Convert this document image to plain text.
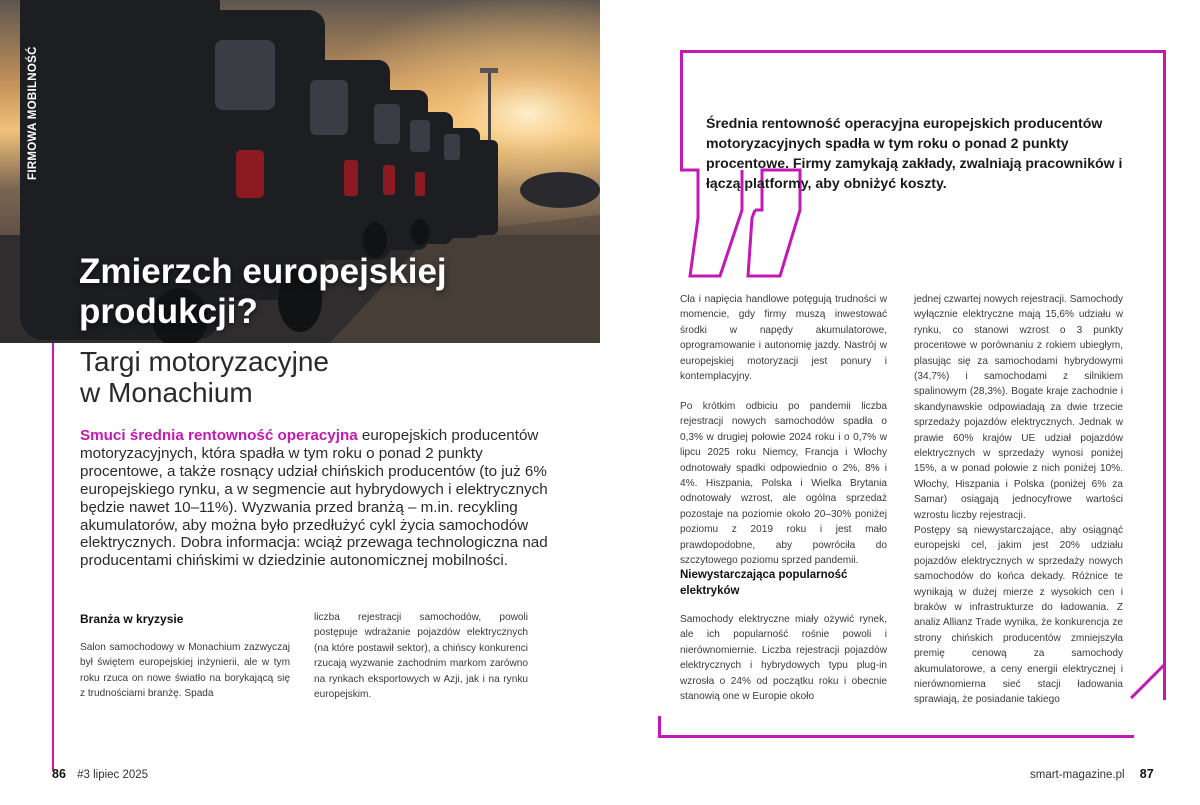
FIRMOWA MOBILNOŚĆ
Zmierzch europejskiej
produkcji?
Targi motoryzacyjne
w Monachium

Smuci średnia rentowność operacyjna europejskich producentów motoryzacyjnych, która spadła w tym roku o ponad 2 punkty procentowe, a także rosnący udział chińskich producentów (to już 6% europejskiego rynku, a w segmencie aut hybrydowych i elektrycznych będzie nawet 10–11%). Wyzwania przed branżą – m.in. recykling akumulatorów, aby można było przedłużyć cykl życia samochodów elektrycznych. Dobra informacja: wciąż przewaga technologiczna nad producentami chińskimi w dziedzinie autonomicznej mobilności.

Branża w kryzysie

Salon samochodowy w Monachium zazwyczaj był świętem europejskiej inżynierii, ale w tym roku rzuca on nowe światło na borykającą się z trudnościami branżę. Spada

liczba rejestracji samochodów, powoli postępuje wdrażanie pojazdów elektrycznych (na które postawił sektor), a chińscy konkurenci rzucają wyzwanie zachodnim markom zarówno na rynkach eksportowych w Azji, jak i na rynku europejskim.

86 #3 lipiec 2025

Średnia rentowność operacyjna europejskich producentów motoryzacyjnych spadła w tym roku o ponad 2 punkty procentowe. Firmy zamykają zakłady, zwalniają pracowników i łączą platformy, aby obniżyć koszty.

Cła i napięcia handlowe potęgują trudności w momencie, gdy firmy muszą inwestować środki w napędy akumulatorowe, oprogramowanie i autonomię jazdy. Nastrój w europejskiej motoryzacji jest ponury i kontemplacyjny.

Po krótkim odbiciu po pandemii liczba rejestracji nowych samochodów spadła o 0,3% w drugiej połowie 2024 roku i o 0,7% w lipcu 2025 roku Niemcy, Francja i Włochy odnotowały spadki odpowiednio o 2%, 8% i 4%. Hiszpania, Polska i Wielka Brytania odnotowały wzrost, ale ogólna sprzedaż pozostaje na poziomie około 20–30% poniżej poziomu z 2019 roku i jest mało prawdopodobne, aby powróciła do szczytowego poziomu sprzed pandemii.

Niewystarczająca popularność elektryków

Samochody elektryczne miały ożywić rynek, ale ich popularność rośnie powoli i nierównomiernie. Liczba rejestracji pojazdów elektrycznych i hybrydowych typu plug-in wzrosła o 24% od początku roku i obecnie stanowią one w Europie około

jednej czwartej nowych rejestracji. Samochody wyłącznie elektryczne mają 15,6% udziału w rynku, co stanowi wzrost o 3 punkty procentowe w porównaniu z rokiem ubiegłym, plasując się za samochodami hybrydowymi (34,7%) i samochodami z silnikiem spalinowym (28,3%). Bogate kraje zachodnie i skandynawskie odpowiadają za dwie trzecie sprzedaży pojazdów elektrycznych. Jednak w prawie 60% krajów UE udział pojazdów elektrycznych w sprzedaży wynosi poniżej 15%, a w ponad połowie z nich poniżej 10%. Włochy, Hiszpania i Polska (poniżej 6% za Samar) osiągają jednocyfrowe wartości wzrostu liczby rejestracji.

Postępy są niewystarczające, aby osiągnąć europejski cel, jakim jest 20% udziału pojazdów elektrycznych w sprzedaży nowych samochodów do końca dekady. Różnice te wynikają w dużej mierze z wysokich cen i braków w infrastrukturze do ładowania. Z analiz Allianz Trade wynika, że konkurencja ze strony chińskich producentów zmniejszyła premię cenową za samochody akumulatorowe, a ceny energii elektrycznej i nierównomierna sieć stacji ładowania sprawiają, że posiadanie takiego

smart-magazine.pl 87
